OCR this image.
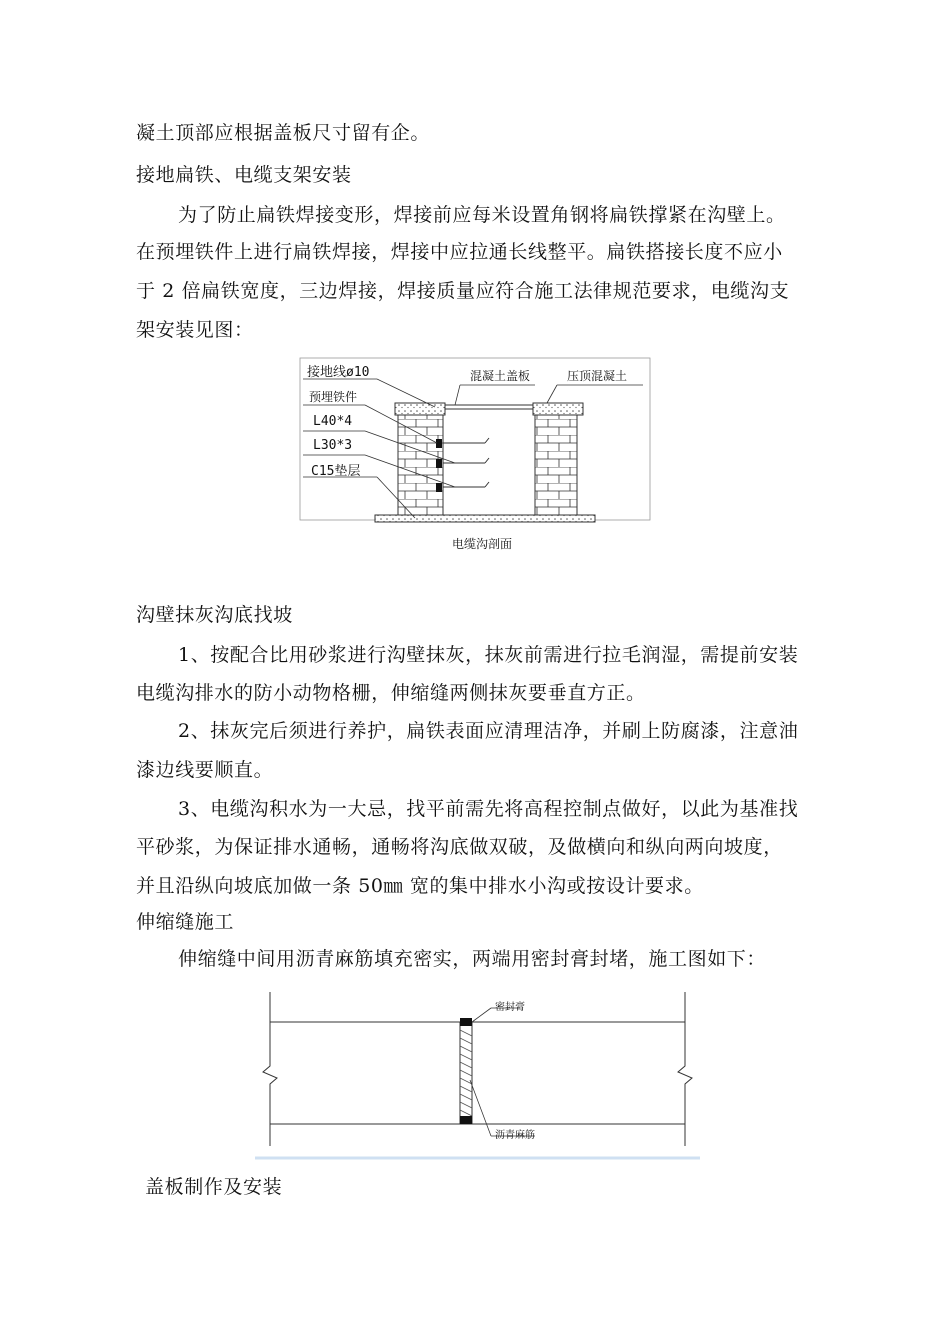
凝土顶部应根据盖板尺寸留有企。
接地扁铁、电缆支架安装
为了防止扁铁焊接变形，焊接前应每米设置角钢将扁铁撑紧在沟壁上。
在预埋铁件上进行扁铁焊接，焊接中应拉通长线整平。扁铁搭接长度不应小
于 2 倍扁铁宽度，三边焊接，焊接质量应符合施工法律规范要求，电缆沟支
架安装见图：
接地线ø10
预埋铁件
L40*4
L30*3
C15垫层
混凝土盖板	压顶混凝土
电缆沟剖面
沟壁抹灰沟底找坡
1、按配合比用砂浆进行沟壁抹灰，抹灰前需进行拉毛润湿，需提前安装
电缆沟排水的防小动物格栅，伸缩缝两侧抹灰要垂直方正。
2、抹灰完后须进行养护，扁铁表面应清理洁净，并刷上防腐漆，注意油
漆边线要顺直。
3、电缆沟积水为一大忌，找平前需先将高程控制点做好，以此为基准找
平砂浆，为保证排水通畅，通畅将沟底做双破，及做横向和纵向两向坡度，
并且沿纵向坡底加做一条 50㎜ 宽的集中排水小沟或按设计要求。
伸缩缝施工
伸缩缝中间用沥青麻筋填充密实，两端用密封膏封堵，施工图如下：
密封膏
沥青麻筋
盖板制作及安装
